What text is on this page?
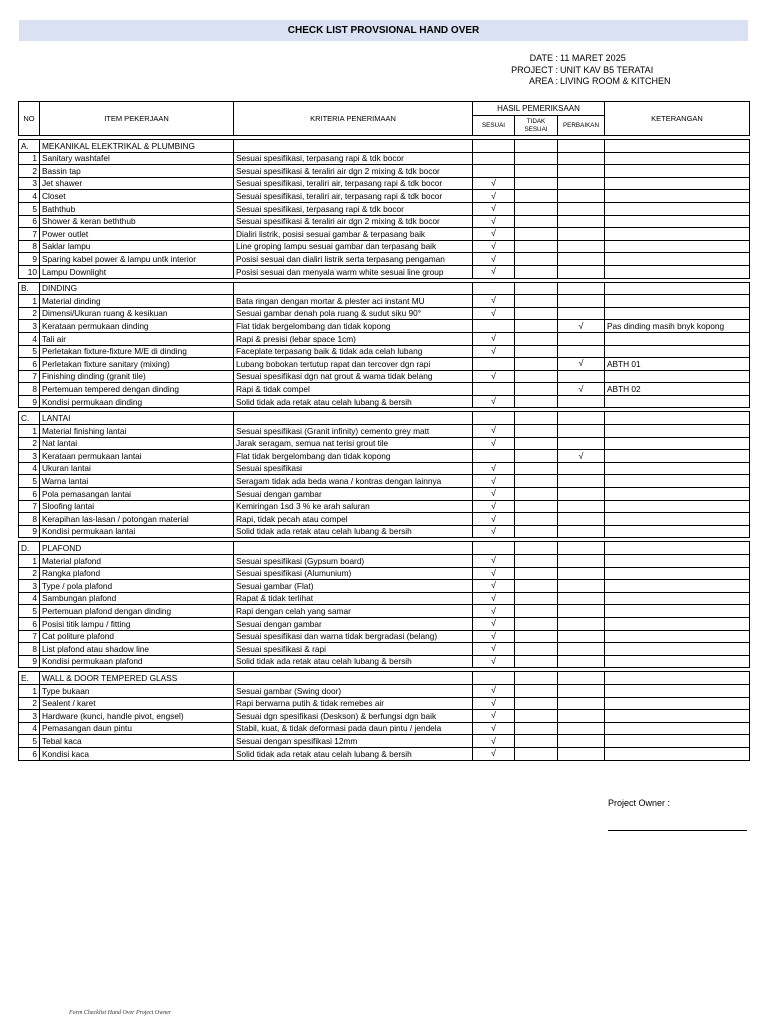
CHECK LIST PROVSIONAL HAND OVER
DATE : 11 MARET 2025
PROJECT : UNIT KAV B5 TERATAI
AREA : LIVING ROOM & KITCHEN
NO	ITEM PEKERJAAN	KRITERIA PENERIMAAN	HASIL PEMERIKSAAN			KETERANGAN
			SESUAI	TIDAK SESUAI	PERBAIKAN	

A.	MEKANIKAL ELEKTRIKAL & PLUMBING					
1	Sanitary washtafel	Sesuai spesifikasi, terpasang rapi & tdk bocor				
2	Bassin tap	Sesuai spesifikasi & teraliri air dgn 2 mixing & tdk bocor				
3	Jet shawer	Sesuai spesifikasi, teraliri air, terpasang rapi & tdk bocor	√			
4	Closet	Sesuai spesifikasi, teraliri air, terpasang rapi & tdk bocor	√			
5	Baththub	Sesuai spesifikasi, terpasang rapi & tdk bocor	√			
6	Shower & keran beththub	Sesuai spesifikasi & teraliri air dgn 2 mixing & tdk bocor	√			
7	Power outlet	Dialiri listrik, posisi sesuai gambar & terpasang baik	√			
8	Saklar lampu	Line groping lampu sesuai gambar dan terpasang baik	√			
9	Sparing kabel power & lampu untk interior	Posisi sesuai dan dialiri listrik serta terpasang pengaman	√			
10	Lampu Downlight	Posisi sesuai dan menyala warm white sesuai line group	√			

B.	DINDING					
1	Material dinding	Bata ringan dengan mortar & plester aci instant MU	√			
2	Dimensi/Ukuran ruang & kesikuan	Sesuai gambar denah pola ruang & sudut siku 90°	√			
3	Kerataan permukaan dinding	Flat tidak bergelombang dan tidak kopong			√	Pas dinding masih bnyk kopong
4	Tali air	Rapi & presisi (lebar space 1cm)	√			
5	Perletakan fixture-fixture M/E di dinding	Faceplate terpasang baik & tidak ada celah lubang	√			
6	Perletakan fixture sanitary (mixing)	Lubang bobokan tertutup rapat dan tercover dgn rapi			√	ABTH 01
7	Finishing dinding (granit tile)	Sesuai spesifikasi dgn nat grout & wama tidak belang	√			
8	Pertemuan tempered dengan dinding	Rapi & tidak compel			√	ABTH 02
9	Kondisi permukaan dinding	Solid tidak ada retak atau celah lubang & bersih	√			

C.	LANTAI					
1	Material finishing lantai	Sesuai spesifikasi (Granit infinity) cemento grey matt	√			
2	Nat lantai	Jarak seragam, semua nat terisi grout tile	√			
3	Kerataan permukaan lantai	Flat tidak bergelombang dan tidak kopong			√	
4	Ukuran lantai	Sesuai spesifikasi	√			
5	Warna lantai	Seragam tidak ada beda wana / kontras dengan lainnya	√			
6	Pola pemasangan lantai	Sesuai dengan gambar	√			
7	Sloofing lantai	Kemiringan 1sd 3 % ke arah saluran	√			
8	Kerapihan las-lasan / potongan material	Rapi, tidak pecah atau compel	√			
9	Kondisi permukaan lantai	Solid tidak ada retak atau celah lubang & bersih	√			

D.	PLAFOND					
1	Material plafond	Sesuai spesifikasi (Gypsum board)	√			
2	Rangka plafond	Sesuai spesifikasi (Alumunium)	√			
3	Type / pola plafond	Sesuai gambar (Flat)	√			
4	Sambungan plafond	Rapat & tidak terlihat	√			
5	Pertemuan plafond dengan dinding	Rapi dengan celah yang samar	√			
6	Posisi titik lampu / fitting	Sesuai dengan gambar	√			
7	Cat politure plafond	Sesuai spesifikasi dan warna tidak bergradasi (belang)	√			
8	List plafond atau shadow line	Sesuai spesifikasi & rapi	√			
9	Kondisi permukaan plafond	Solid tidak ada retak atau celah lubang & bersih	√			

E.	WALL & DOOR TEMPERED GLASS					
1	Type bukaan	Sesuai gambar (Swing door)	√			
2	Sealent / karet	Rapi berwarna putih & tidak remebes air	√			
3	Hardware (kunci, handle pivot, engsel)	Sesuai dgn spesifikasi (Deskson) & berfungsi dgn baik	√			
4	Pemasangan daun pintu	Stabil, kuat, & tidak deformasi pada daun pintu / jendela	√			
5	Tebal kaca	Sesuai dengan spesifikasi 12mm	√			
6	Kondisi kaca	Solid tidak ada retak atau celah lubang & bersih	√			
Project Owner :
Form Checklist Hand Over Project Owner
